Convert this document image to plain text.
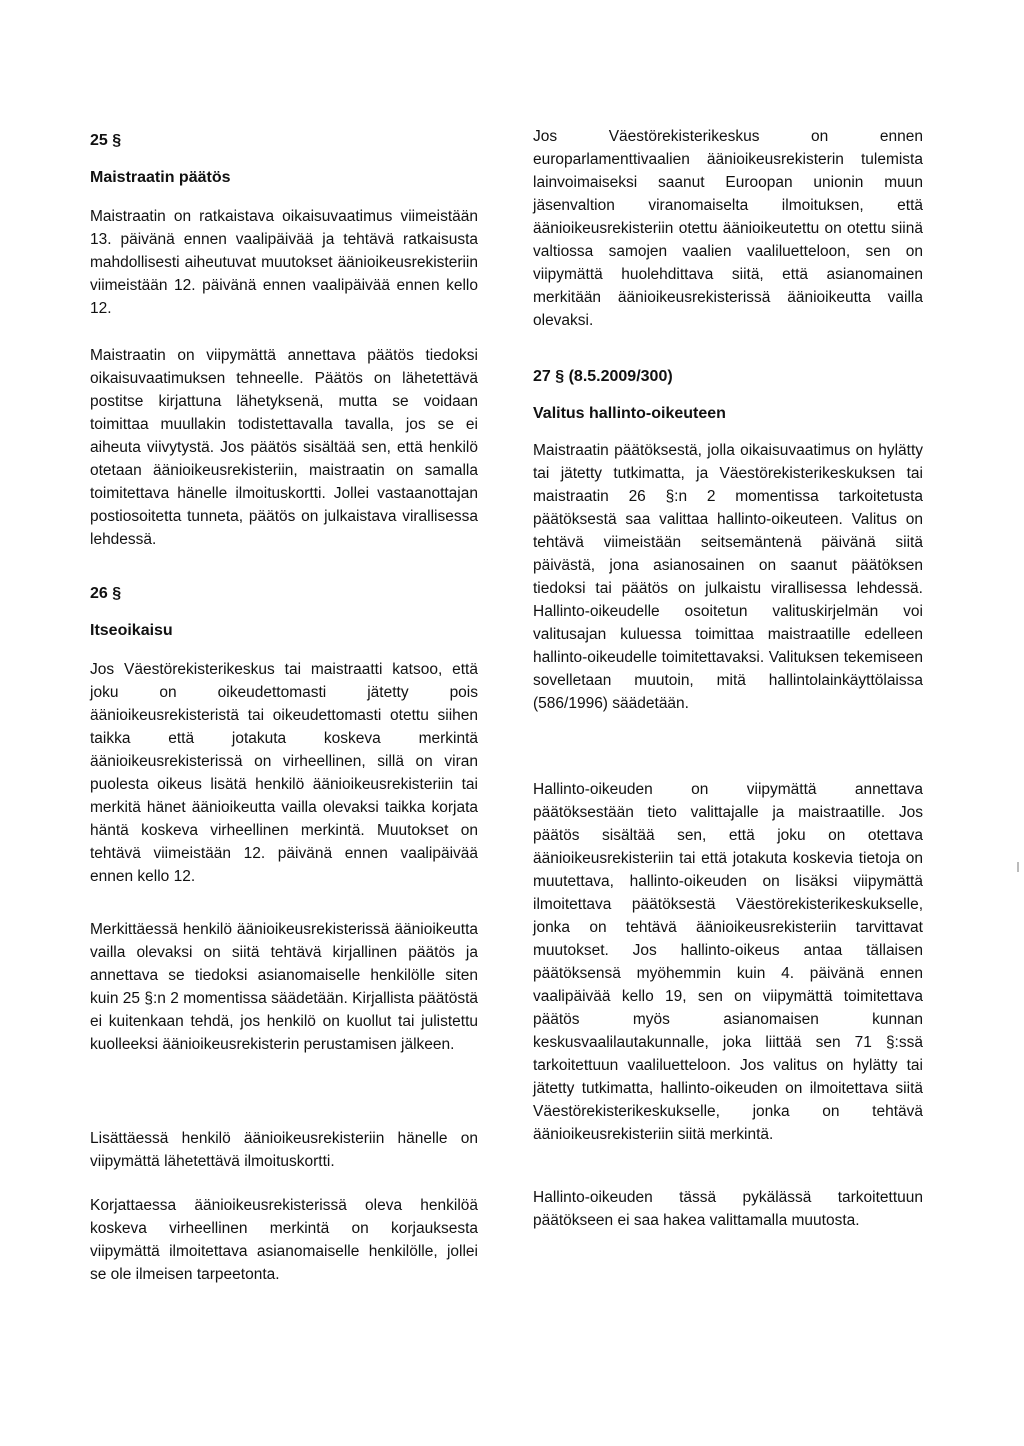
25 §
Maistraatin päätös

Maistraatin on ratkaistava oikaisuvaatimus viimeistään 13. päivänä ennen vaalipäivää ja tehtävä ratkaisusta mahdollisesti aiheutuvat muutokset äänioikeusrekisteriin viimeistään 12. päivänä ennen vaalipäivää ennen kello 12.

Maistraatin on viipymättä annettava päätös tiedoksi oikaisuvaatimuksen tehneelle. Päätös on lähetettävä postitse kirjattuna lähetyksenä, mutta se voidaan toimittaa muullakin todistettavalla tavalla, jos se ei aiheuta viivytystä. Jos päätös sisältää sen, että henkilö otetaan äänioikeusrekisteriin, maistraatin on samalla toimitettava hänelle ilmoituskortti. Jollei vastaanottajan postiosoitetta tunneta, päätös on julkaistava virallisessa lehdessä.

26 §
Itseoikaisu

Jos Väestörekisterikeskus tai maistraatti katsoo, että joku on oikeudettomasti jätetty pois äänioikeusrekisteristä tai oikeudettomasti otettu siihen taikka että jotakuta koskeva merkintä äänioikeusrekisterissä on virheellinen, sillä on viran puolesta oikeus lisätä henkilö äänioikeusrekisteriin tai merkitä hänet äänioikeutta vailla olevaksi taikka korjata häntä koskeva virheellinen merkintä. Muutokset on tehtävä viimeistään 12. päivänä ennen vaalipäivää ennen kello 12.

Merkittäessä henkilö äänioikeusrekisterissä äänioikeutta vailla olevaksi on siitä tehtävä kirjallinen päätös ja annettava se tiedoksi asianomaiselle henkilölle siten kuin 25 §:n 2 momentissa säädetään. Kirjallista päätöstä ei kuitenkaan tehdä, jos henkilö on kuollut tai julistettu kuolleeksi äänioikeusrekisterin perustamisen jälkeen.

Lisättäessä henkilö äänioikeusrekisteriin hänelle on viipymättä lähetettävä ilmoituskortti.

Korjattaessa äänioikeusrekisterissä oleva henkilöä koskeva virheellinen merkintä on korjauksesta viipymättä ilmoitettava asianomaiselle henkilölle, jollei se ole ilmeisen tarpeetonta.

Jos Väestörekisterikeskus on ennen europarlamenttivaalien äänioikeusrekisterin tulemista lainvoimaiseksi saanut Euroopan unionin muun jäsenvaltion viranomaiselta ilmoituksen, että äänioikeusrekisteriin otettu äänioikeutettu on otettu siinä valtiossa samojen vaalien vaaliluetteloon, sen on viipymättä huolehdittava siitä, että asianomainen merkitään äänioikeusrekisterissä äänioikeutta vailla olevaksi.

27 § (8.5.2009/300)
Valitus hallinto-oikeuteen

Maistraatin päätöksestä, jolla oikaisuvaatimus on hylätty tai jätetty tutkimatta, ja Väestörekisterikeskuksen tai maistraatin 26 §:n 2 momentissa tarkoitetusta päätöksestä saa valittaa hallinto-oikeuteen. Valitus on tehtävä viimeistään seitsemäntenä päivänä siitä päivästä, jona asianosainen on saanut päätöksen tiedoksi tai päätös on julkaistu virallisessa lehdessä. Hallinto-oikeudelle osoitetun valituskirjelmän voi valitusajan kuluessa toimittaa maistraatille edelleen hallinto-oikeudelle toimitettavaksi. Valituksen tekemiseen sovelletaan muutoin, mitä hallintolainkäyttölaissa (586/1996) säädetään.

Hallinto-oikeuden on viipymättä annettava päätöksestään tieto valittajalle ja maistraatille. Jos päätös sisältää sen, että joku on otettava äänioikeusrekisteriin tai että jotakuta koskevia tietoja on muutettava, hallinto-oikeuden on lisäksi viipymättä ilmoitettava päätöksestä Väestörekisterikeskukselle, jonka on tehtävä äänioikeusrekisteriin tarvittavat muutokset. Jos hallinto-oikeus antaa tällaisen päätöksensä myöhemmin kuin 4. päivänä ennen vaalipäivää kello 19, sen on viipymättä toimitettava päätös myös asianomaisen kunnan keskusvaalilautakunnalle, joka liittää sen 71 §:ssä tarkoitettuun vaaliluetteloon. Jos valitus on hylätty tai jätetty tutkimatta, hallinto-oikeuden on ilmoitettava siitä Väestörekisterikeskukselle, jonka on tehtävä äänioikeusrekisteriin siitä merkintä.

Hallinto-oikeuden tässä pykälässä tarkoitettuun päätökseen ei saa hakea valittamalla muutosta.
